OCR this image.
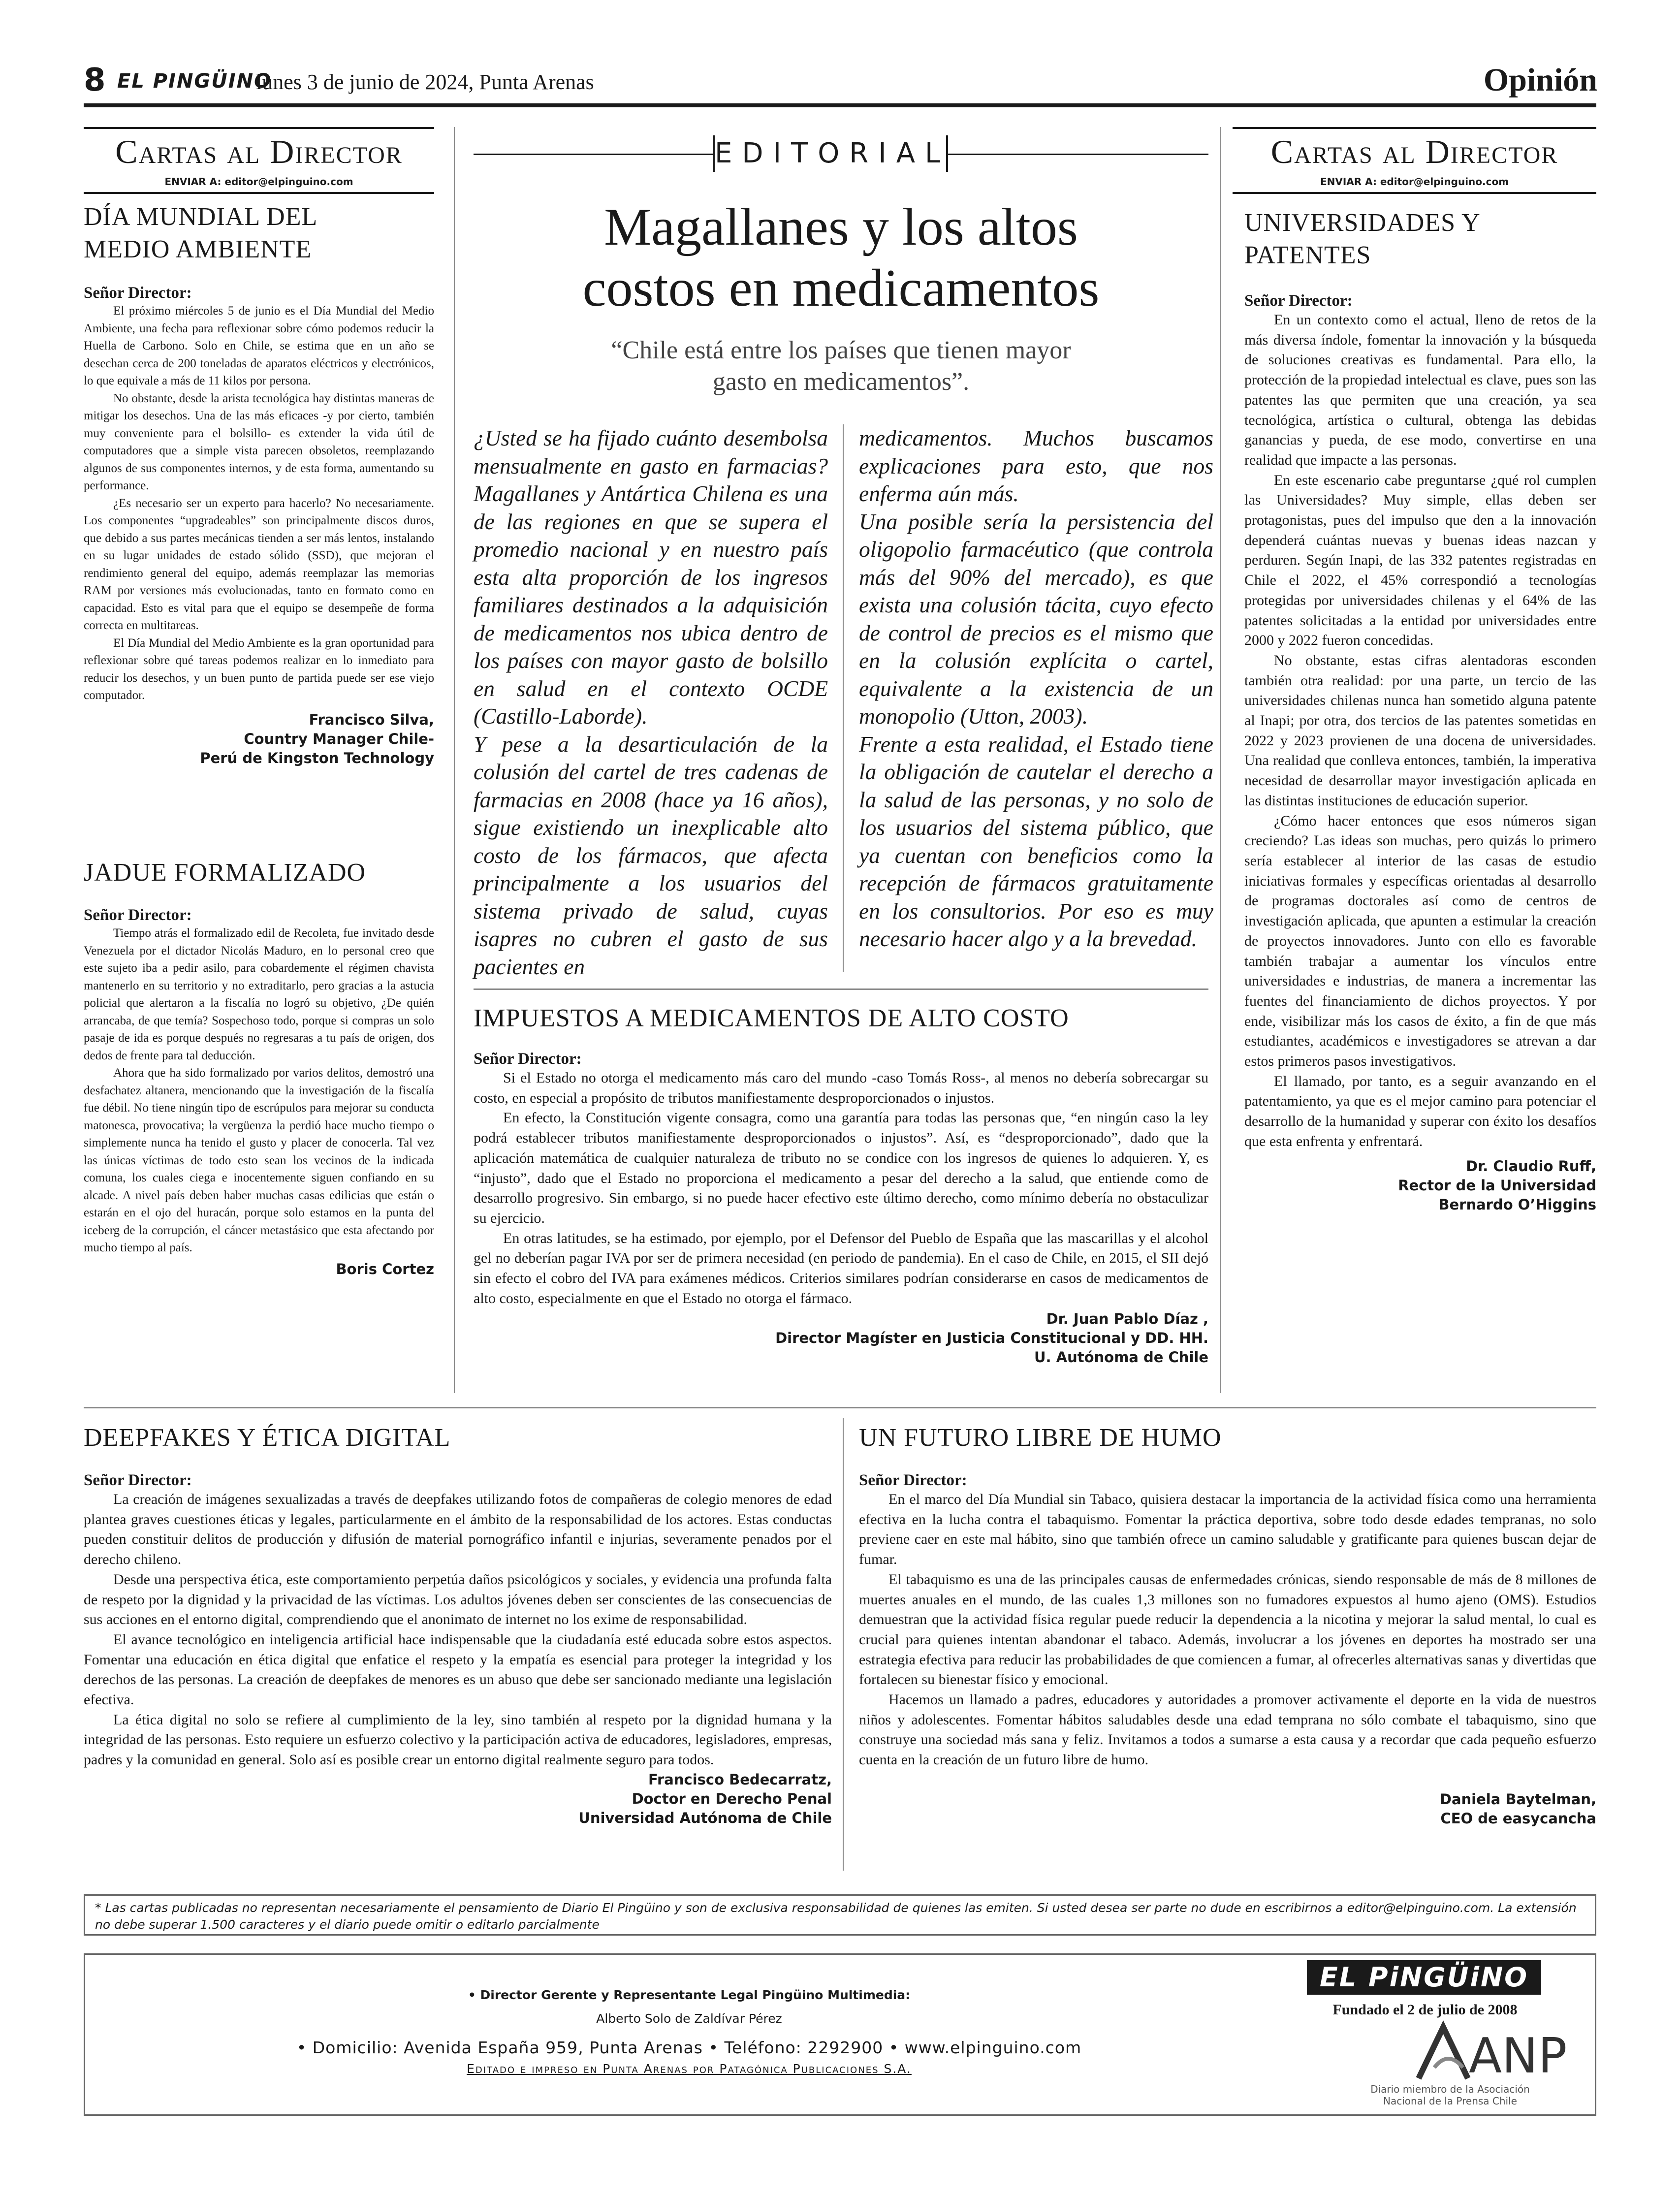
8 EL PINGÜINO
lunes 3 de junio de 2024, Punta Arenas	Opinión
Cartas al Director
ENVIAR A: editor@elpinguino.com
DÍA MUNDIAL DEL
MEDIO AMBIENTE
Señor Director:

El próximo miércoles 5 de junio es el Día Mundial del Medio Ambiente, una fecha para reflexionar sobre cómo podemos reducir la Huella de Carbono. Solo en Chile, se estima que en un año se desechan cerca de 200 toneladas de aparatos eléctricos y electrónicos, lo que equivale a más de 11 kilos por persona.

No obstante, desde la arista tecnológica hay distintas maneras de mitigar los desechos. Una de las más eficaces -y por cierto, también muy conveniente para el bolsillo- es extender la vida útil de computadores que a simple vista parecen obsoletos, reemplazando algunos de sus componentes internos, y de esta forma, aumentando su performance.

¿Es necesario ser un experto para hacerlo? No necesariamente. Los componentes “upgradeables” son principalmente discos duros, que debido a sus partes mecánicas tienden a ser más lentos, instalando en su lugar unidades de estado sólido (SSD), que mejoran el rendimiento general del equipo, además reemplazar las memorias RAM por versiones más evolucionadas, tanto en formato como en capacidad. Esto es vital para que el equipo se desempeñe de forma correcta en multitareas.

El Día Mundial del Medio Ambiente es la gran oportunidad para reflexionar sobre qué tareas podemos realizar en lo inmediato para reducir los desechos, y un buen punto de partida puede ser ese viejo computador.

Francisco Silva,
Country Manager Chile-
Perú de Kingston Technology
JADUE FORMALIZADO
Señor Director:

Tiempo atrás el formalizado edil de Recoleta, fue invitado desde Venezuela por el dictador Nicolás Maduro, en lo personal creo que este sujeto iba a pedir asilo, para cobardemente el régimen chavista mantenerlo en su territorio y no extraditarlo, pero gracias a la astucia policial que alertaron a la fiscalía no logró su objetivo, ¿De quién arrancaba, de que temía? Sospechoso todo, porque si compras un solo pasaje de ida es porque después no regresaras a tu país de origen, dos dedos de frente para tal deducción.

Ahora que ha sido formalizado por varios delitos, demostró una desfachatez altanera, mencionando que la investigación de la fiscalía fue débil. No tiene ningún tipo de escrúpulos para mejorar su conducta matonesca, provocativa; la vergüenza la perdió hace mucho tiempo o simplemente nunca ha tenido el gusto y placer de conocerla. Tal vez las únicas víctimas de todo esto sean los vecinos de la indicada comuna, los cuales ciega e inocentemente siguen confiando en su alcade. A nivel país deben haber muchas casas edilicias que están o estarán en el ojo del huracán, porque solo estamos en la punta del iceberg de la corrupción, el cáncer metastásico que esta afectando por mucho tiempo al país.

Boris Cortez
EDITORIAL
Magallanes y los altos
costos en medicamentos
“Chile está entre los países que tienen mayor
gasto en medicamentos”.

¿Usted se ha fijado cuánto desembolsa mensualmente en gasto en farmacias? Magallanes y Antártica Chilena es una de las regiones en que se supera el promedio nacional y en nuestro país esta alta proporción de los ingresos familiares destinados a la adquisición de medicamentos nos ubica dentro de los países con mayor gasto de bolsillo en salud en el contexto OCDE (Castillo-Laborde).

Y pese a la desarticulación de la colusión del cartel de tres cadenas de farmacias en 2008 (hace ya 16 años), sigue existiendo un inexplicable alto costo de los fármacos, que afecta principalmente a los usuarios del sistema privado de salud, cuyas isapres no cubren el gasto de sus pacientes en

medicamentos. Muchos buscamos explicaciones para esto, que nos enferma aún más.

Una posible sería la persistencia del oligopolio farmacéutico (que controla más del 90% del mercado), es que exista una colusión tácita, cuyo efecto de control de precios es el mismo que en la colusión explícita o cartel, equivalente a la existencia de un monopolio (Utton, 2003).

Frente a esta realidad, el Estado tiene la obligación de cautelar el derecho a la salud de las personas, y no solo de los usuarios del sistema público, que ya cuentan con beneficios como la recepción de fármacos gratuitamente en los consultorios. Por eso es muy necesario hacer algo y a la brevedad.

IMPUESTOS A MEDICAMENTOS DE ALTO COSTO
Señor Director:

Si el Estado no otorga el medicamento más caro del mundo -caso Tomás Ross-, al menos no debería sobrecargar su costo, en especial a propósito de tributos manifiestamente desproporcionados o injustos.

En efecto, la Constitución vigente consagra, como una garantía para todas las personas que, “en ningún caso la ley podrá establecer tributos manifiestamente desproporcionados o injustos”. Así, es “desproporcionado”, dado que la aplicación matemática de cualquier naturaleza de tributo no se condice con los ingresos de quienes lo adquieren. Y, es “injusto”, dado que el Estado no proporciona el medicamento a pesar del derecho a la salud, que entiende como de desarrollo progresivo. Sin embargo, si no puede hacer efectivo este último derecho, como mínimo debería no obstaculizar su ejercicio.

En otras latitudes, se ha estimado, por ejemplo, por el Defensor del Pueblo de España que las mascarillas y el alcohol gel no deberían pagar IVA por ser de primera necesidad (en periodo de pandemia). En el caso de Chile, en 2015, el SII dejó sin efecto el cobro del IVA para exámenes médicos. Criterios similares podrían considerarse en casos de medicamentos de alto costo, especialmente en que el Estado no otorga el fármaco.

Dr. Juan Pablo Díaz ,
Director Magíster en Justicia Constitucional y DD. HH.
U. Autónoma de Chile
Cartas al Director
ENVIAR A: editor@elpinguino.com
UNIVERSIDADES Y
PATENTES
Señor Director:

En un contexto como el actual, lleno de retos de la más diversa índole, fomentar la innovación y la búsqueda de soluciones creativas es fundamental. Para ello, la protección de la propiedad intelectual es clave, pues son las patentes las que permiten que una creación, ya sea tecnológica, artística o cultural, obtenga las debidas ganancias y pueda, de ese modo, convertirse en una realidad que impacte a las personas.

En este escenario cabe preguntarse ¿qué rol cumplen las Universidades? Muy simple, ellas deben ser protagonistas, pues del impulso que den a la innovación dependerá cuántas nuevas y buenas ideas nazcan y perduren. Según Inapi, de las 332 patentes registradas en Chile el 2022, el 45% correspondió a tecnologías protegidas por universidades chilenas y el 64% de las patentes solicitadas a la entidad por universidades entre 2000 y 2022 fueron concedidas.

No obstante, estas cifras alentadoras esconden también otra realidad: por una parte, un tercio de las universidades chilenas nunca han sometido alguna patente al Inapi; por otra, dos tercios de las patentes sometidas en 2022 y 2023 provienen de una docena de universidades. Una realidad que conlleva entonces, también, la imperativa necesidad de desarrollar mayor investigación aplicada en las distintas instituciones de educación superior.

¿Cómo hacer entonces que esos números sigan creciendo? Las ideas son muchas, pero quizás lo primero sería establecer al interior de las casas de estudio iniciativas formales y específicas orientadas al desarrollo de programas doctorales así como de centros de investigación aplicada, que apunten a estimular la creación de proyectos innovadores. Junto con ello es favorable también trabajar a aumentar los vínculos entre universidades e industrias, de manera a incrementar las fuentes del financiamiento de dichos proyectos. Y por ende, visibilizar más los casos de éxito, a fin de que más estudiantes, académicos e investigadores se atrevan a dar estos primeros pasos investigativos.

El llamado, por tanto, es a seguir avanzando en el patentamiento, ya que es el mejor camino para potenciar el desarrollo de la humanidad y superar con éxito los desafíos que esta enfrenta y enfrentará.

Dr. Claudio Ruff,
Rector de la Universidad
Bernardo O’Higgins
DEEPFAKES Y ÉTICA DIGITAL
Señor Director:

La creación de imágenes sexualizadas a través de deepfakes utilizando fotos de compañeras de colegio menores de edad plantea graves cuestiones éticas y legales, particularmente en el ámbito de la responsabilidad de los actores. Estas conductas pueden constituir delitos de producción y difusión de material pornográfico infantil e injurias, severamente penados por el derecho chileno.

Desde una perspectiva ética, este comportamiento perpetúa daños psicológicos y sociales, y evidencia una profunda falta de respeto por la dignidad y la privacidad de las víctimas. Los adultos jóvenes deben ser conscientes de las consecuencias de sus acciones en el entorno digital, comprendiendo que el anonimato de internet no los exime de responsabilidad.

El avance tecnológico en inteligencia artificial hace indispensable que la ciudadanía esté educada sobre estos aspectos. Fomentar una educación en ética digital que enfatice el respeto y la empatía es esencial para proteger la integridad y los derechos de las personas. La creación de deepfakes de menores es un abuso que debe ser sancionado mediante una legislación efectiva.

La ética digital no solo se refiere al cumplimiento de la ley, sino también al respeto por la dignidad humana y la integridad de las personas. Esto requiere un esfuerzo colectivo y la participación activa de educadores, legisladores, empresas, padres y la comunidad en general. Solo así es posible crear un entorno digital realmente seguro para todos.

Francisco Bedecarratz,
Doctor en Derecho Penal
Universidad Autónoma de Chile
UN FUTURO LIBRE DE HUMO
Señor Director:

En el marco del Día Mundial sin Tabaco, quisiera destacar la importancia de la actividad física como una herramienta efectiva en la lucha contra el tabaquismo. Fomentar la práctica deportiva, sobre todo desde edades tempranas, no solo previene caer en este mal hábito, sino que también ofrece un camino saludable y gratificante para quienes buscan dejar de fumar.

El tabaquismo es una de las principales causas de enfermedades crónicas, siendo responsable de más de 8 millones de muertes anuales en el mundo, de las cuales 1,3 millones son no fumadores expuestos al humo ajeno (OMS). Estudios demuestran que la actividad física regular puede reducir la dependencia a la nicotina y mejorar la salud mental, lo cual es crucial para quienes intentan abandonar el tabaco. Además, involucrar a los jóvenes en deportes ha mostrado ser una estrategia efectiva para reducir las probabilidades de que comiencen a fumar, al ofrecerles alternativas sanas y divertidas que fortalecen su bienestar físico y emocional.

Hacemos un llamado a padres, educadores y autoridades a promover activamente el deporte en la vida de nuestros niños y adolescentes. Fomentar hábitos saludables desde una edad temprana no sólo combate el tabaquismo, sino que construye una sociedad más sana y feliz. Invitamos a todos a sumarse a esta causa y a recordar que cada pequeño esfuerzo cuenta en la creación de un futuro libre de humo.

Daniela Baytelman,
CEO de easycancha
* Las cartas publicadas no representan necesariamente el pensamiento de Diario El Pingüino y son de exclusiva responsabilidad de quienes las emiten. Si usted desea ser parte no dude en escribirnos a editor@elpinguino.com. La extensión no debe superar 1.500 caracteres y el diario puede omitir o editarlo parcialmente
• Director Gerente y Representante Legal Pingüino Multimedia:
Alberto Solo de Zaldívar Pérez
• Domicilio: Avenida España 959, Punta Arenas • Teléfono: 2292900 • www.elpinguino.com
Editado e impreso en Punta Arenas por Patagónica Publicaciones S.A.
EL PiNGÜiNO
Fundado el 2 de julio de 2008
ANP
Diario miembro de la Asociación
Nacional de la Prensa Chile
